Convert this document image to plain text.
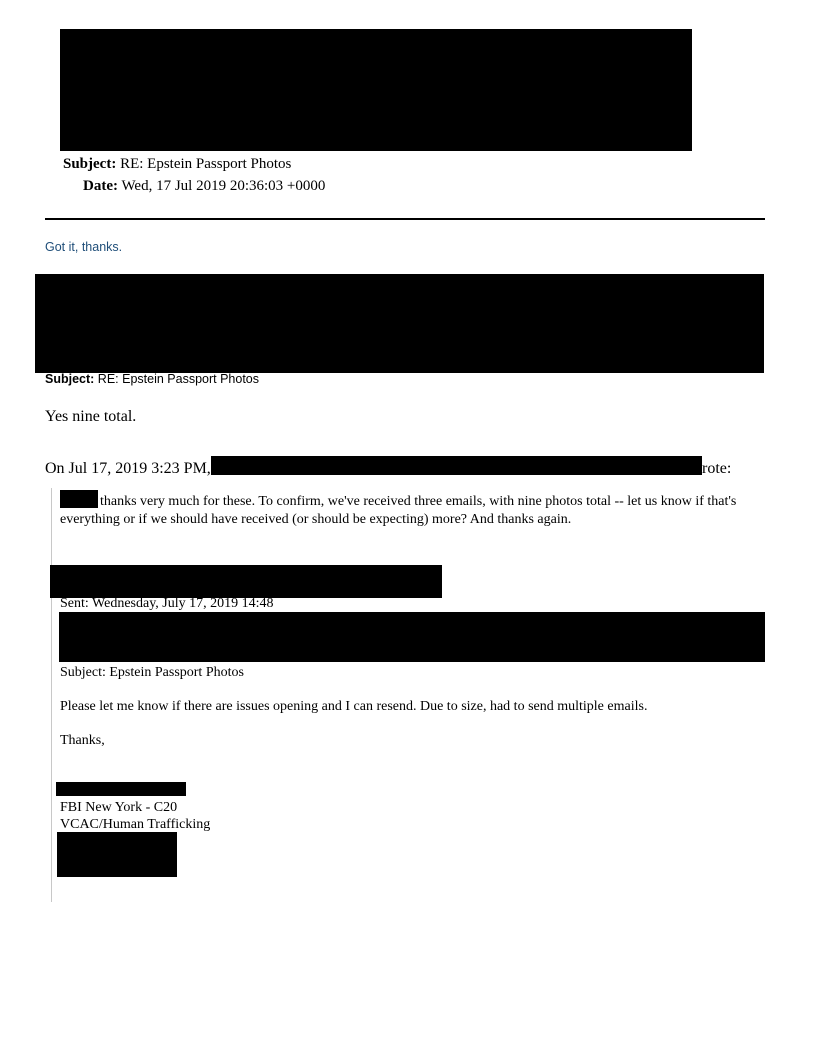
Subject: RE: Epstein Passport Photos
Date: Wed, 17 Jul 2019 20:36:03 +0000
Got it, thanks.
Subject: RE: Epstein Passport Photos
Yes nine total.
On Jul 17, 2019 3:23 PM,	rote:
thanks very much for these. To confirm, we've received three emails, with nine photos total -- let us know if that's everything or if we should have received (or should be expecting) more? And thanks again.
Sent: Wednesday, July 17, 2019 14:48
Subject: Epstein Passport Photos
Please let me know if there are issues opening and I can resend. Due to size, had to send multiple emails.
Thanks,
FBI New York - C20
VCAC/Human Trafficking
